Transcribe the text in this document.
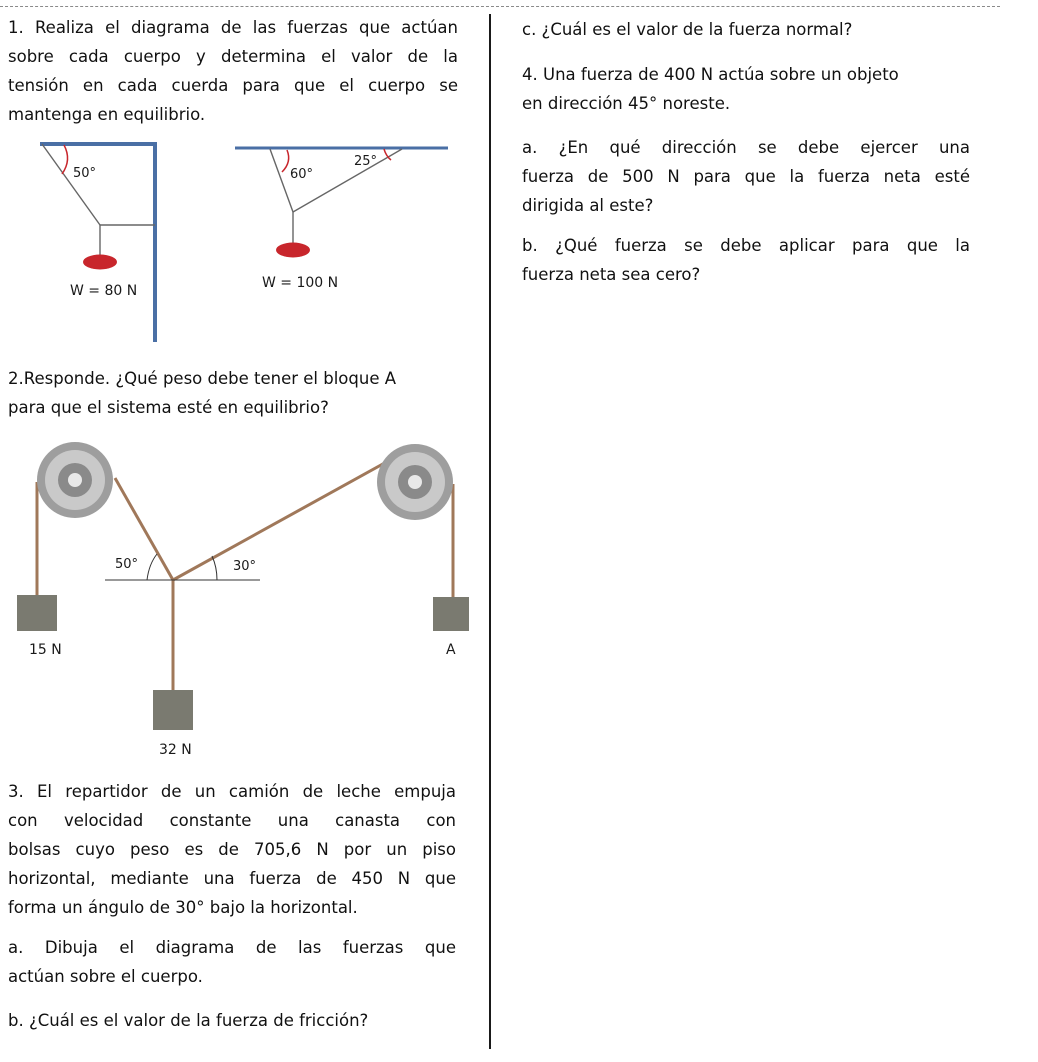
1. Realiza el diagrama de las fuerzas que actúan
sobre cada cuerpo y determina el valor de la
tensión en cada cuerda para que el cuerpo se
mantenga en equilibrio.

50°
W = 80 N
60°
25°
W = 100 N

2.Responde. ¿Qué peso debe tener el bloque A
para que el sistema esté en equilibrio?

50°	30°
15 N	A
32 N

3. El repartidor de un camión de leche empuja
con velocidad constante una canasta con
bolsas cuyo peso es de 705,6 N por un piso
horizontal, mediante una fuerza de 450 N que
forma un ángulo de 30° bajo la horizontal.

a. Dibuja el diagrama de las fuerzas que
actúan sobre el cuerpo.

b. ¿Cuál es el valor de la fuerza de fricción?

c. ¿Cuál es el valor de la fuerza normal?

4. Una fuerza de 400 N actúa sobre un objeto
en dirección 45° noreste.

a. ¿En qué dirección se debe ejercer una
fuerza de 500 N para que la fuerza neta esté
dirigida al este?

b. ¿Qué fuerza se debe aplicar para que la
fuerza neta sea cero?
